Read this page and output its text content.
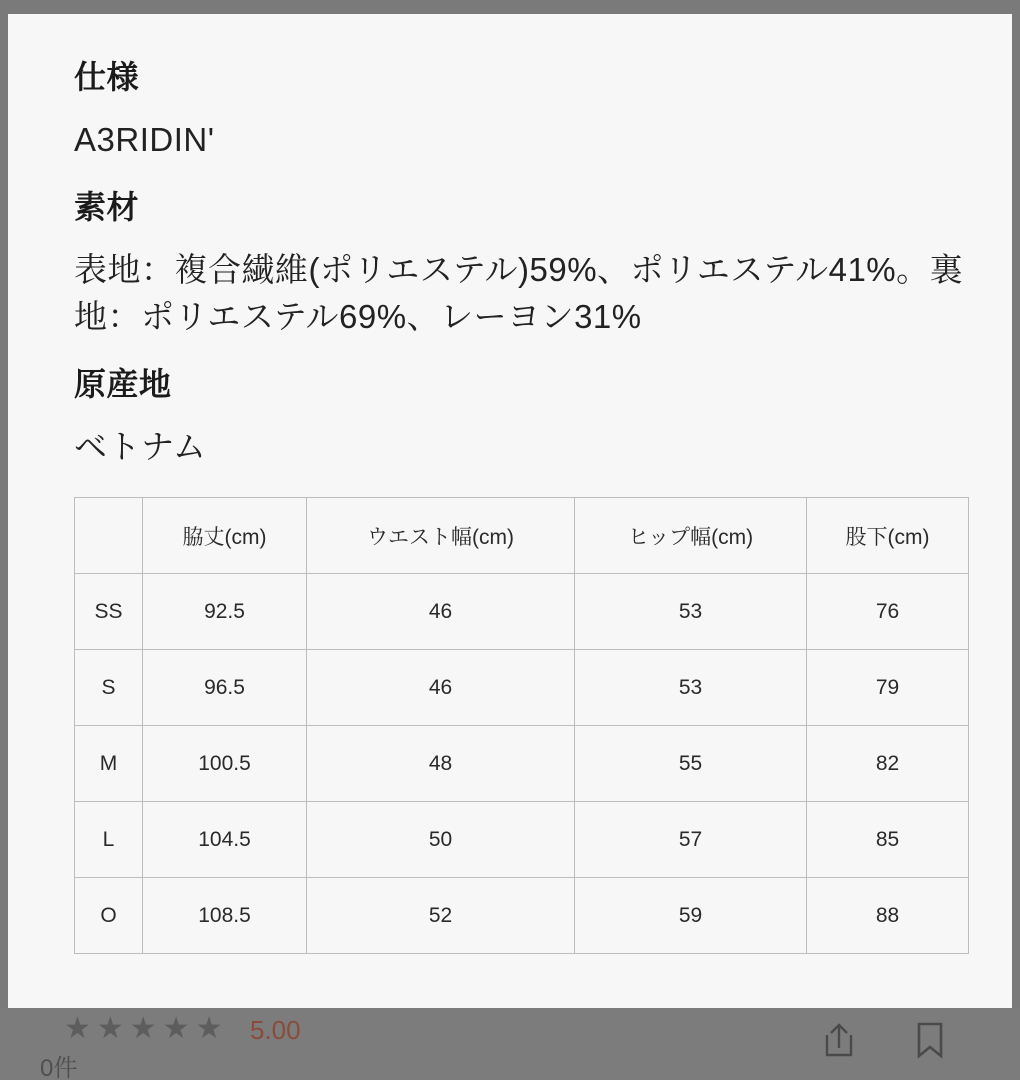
★★★★★ 5.00
0件
仕様

A3RIDIN'

素材

表地：複合繊維(ポリエステル)59%、ポリエステル41%。裏地：ポリエステル69%、レーヨン31%

原産地

ベトナム

	脇丈(cm)	ウエスト幅(cm)	ヒップ幅(cm)	股下(cm)
SS	92.5	46	53	76
S	96.5	46	53	79
M	100.5	48	55	82
L	104.5	50	57	85
O	108.5	52	59	88
